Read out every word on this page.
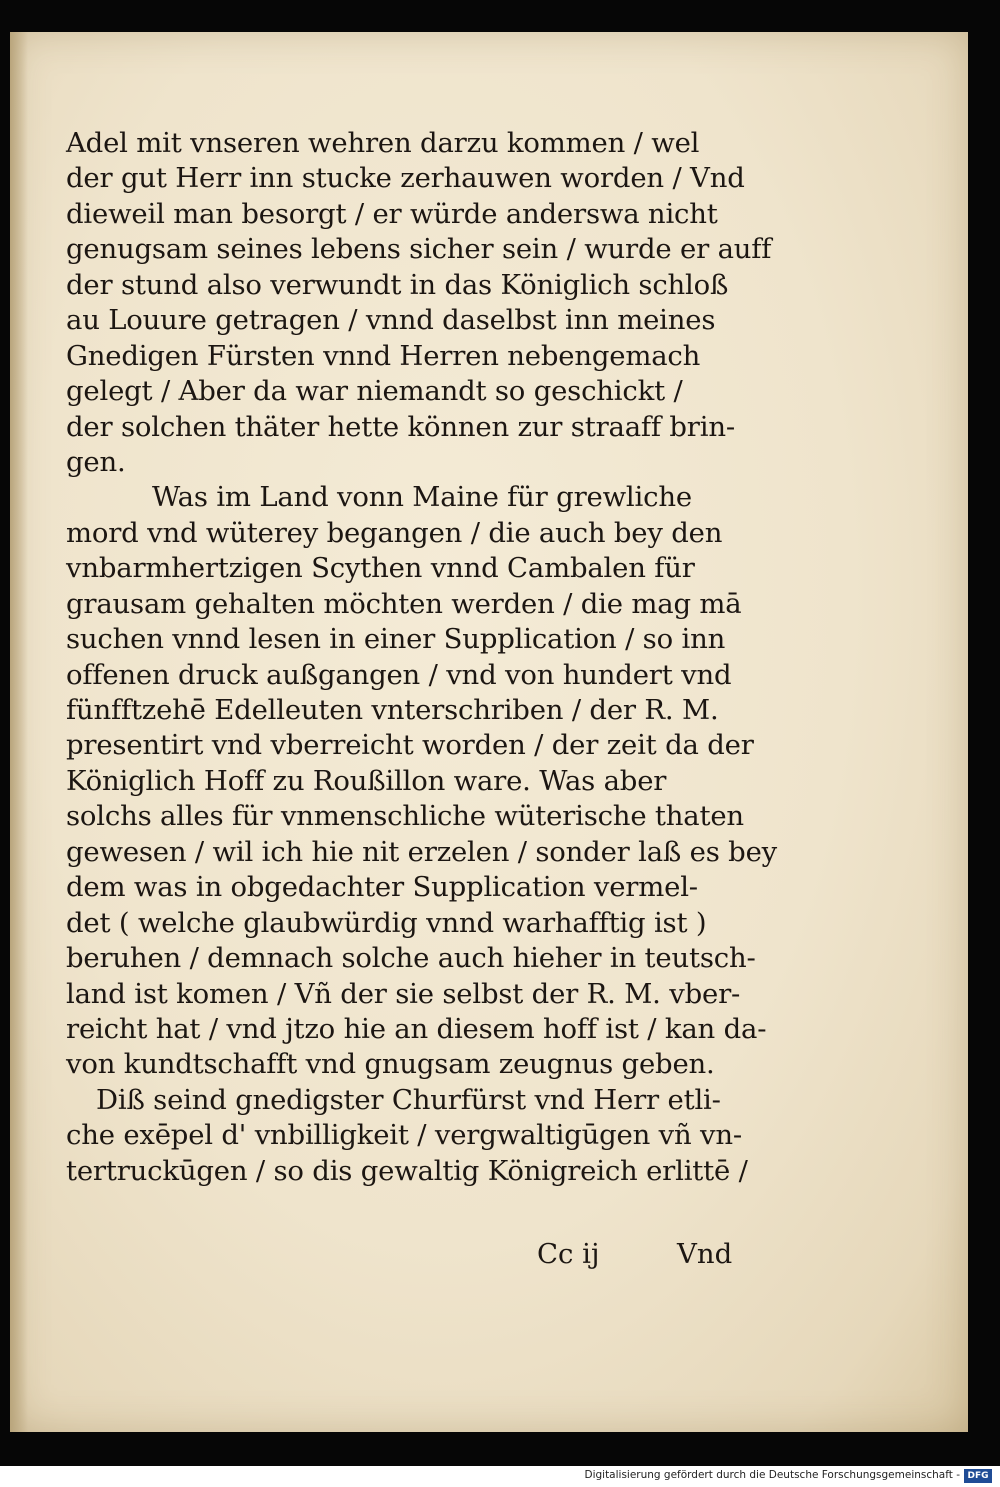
Adel mit vnseren wehren darzu kommen / wel
der gut Herr inn stucke zerhauwen worden / Vnd
dieweil man besorgt / er würde anderswa nicht
genugsam seines lebens sicher sein / wurde er auff
der stund also verwundt in das Königlich schloß
au Louure getragen / vnnd daselbst inn meines
Gnedigen Fürsten vnnd Herren nebengemach
gelegt / Aber da war niemandt so geschickt /
der solchen thäter hette können zur straaff brin-
gen.
Was im Land vonn Maine für grewliche
mord vnd wüterey begangen / die auch bey den
vnbarmhertzigen Scythen vnnd Cambalen für
grausam gehalten möchten werden / die mag mā
suchen vnnd lesen in einer Supplication / so inn
offenen druck außgangen / vnd von hundert vnd
fünfftzehē Edelleuten vnterschriben / der R. M.
presentirt vnd vberreicht worden / der zeit da der
Königlich Hoff zu Roußillon ware. Was aber
solchs alles für vnmenschliche wüterische thaten
gewesen / wil ich hie nit erzelen / sonder laß es bey
dem was in obgedachter Supplication vermel-
det ( welche glaubwürdig vnnd warhafftig ist )
beruhen / demnach solche auch hieher in teutsch-
land ist komen / Vñ der sie selbst der R. M. vber-
reicht hat / vnd jtzo hie an diesem hoff ist / kan da-
von kundtschafft vnd gnugsam zeugnus geben.
Diß seind gnedigster Churfürst vnd Herr etli-
che exēpel d' vnbilligkeit / vergwaltigūgen vñ vn-
tertruckūgen / so dis gewaltig Königreich erlittē /
Cc ij	Vnd
Digitalisierung gefördert durch die Deutsche Forschungsgemeinschaft - DFG
